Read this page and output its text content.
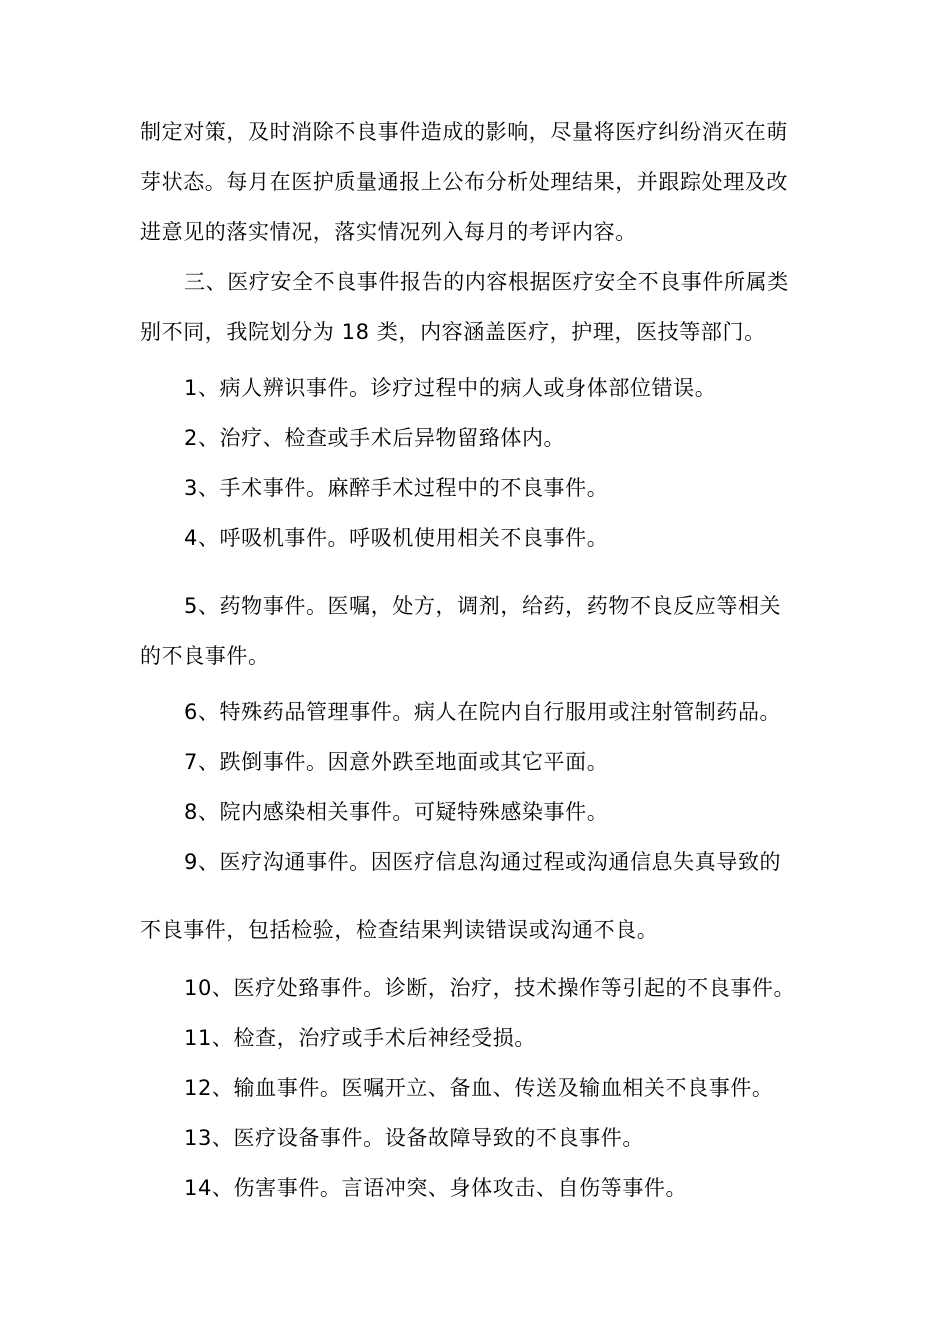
制定对策，及时消除不良事件造成的影响，尽量将医疗纠纷消灭在萌
芽状态。每月在医护质量通报上公布分析处理结果，并跟踪处理及改
进意见的落实情况，落实情况列入每月的考评内容。
三、医疗安全不良事件报告的内容根据医疗安全不良事件所属类
别不同，我院划分为 18 类，内容涵盖医疗，护理，医技等部门。
1、病人辨识事件。诊疗过程中的病人或身体部位错误。
2、治疗、检查或手术后异物留臵体内。
3、手术事件。麻醉手术过程中的不良事件。
4、呼吸机事件。呼吸机使用相关不良事件。
5、药物事件。医嘱，处方，调剂，给药，药物不良反应等相关
的不良事件。
6、特殊药品管理事件。病人在院内自行服用或注射管制药品。
7、跌倒事件。因意外跌至地面或其它平面。
8、院内感染相关事件。可疑特殊感染事件。
9、医疗沟通事件。因医疗信息沟通过程或沟通信息失真导致的
不良事件，包括检验，检查结果判读错误或沟通不良。
10、医疗处臵事件。诊断，治疗，技术操作等引起的不良事件。
11、检查，治疗或手术后神经受损。
12、输血事件。医嘱开立、备血、传送及输血相关不良事件。
13、医疗设备事件。设备故障导致的不良事件。
14、伤害事件。言语冲突、身体攻击、自伤等事件。
